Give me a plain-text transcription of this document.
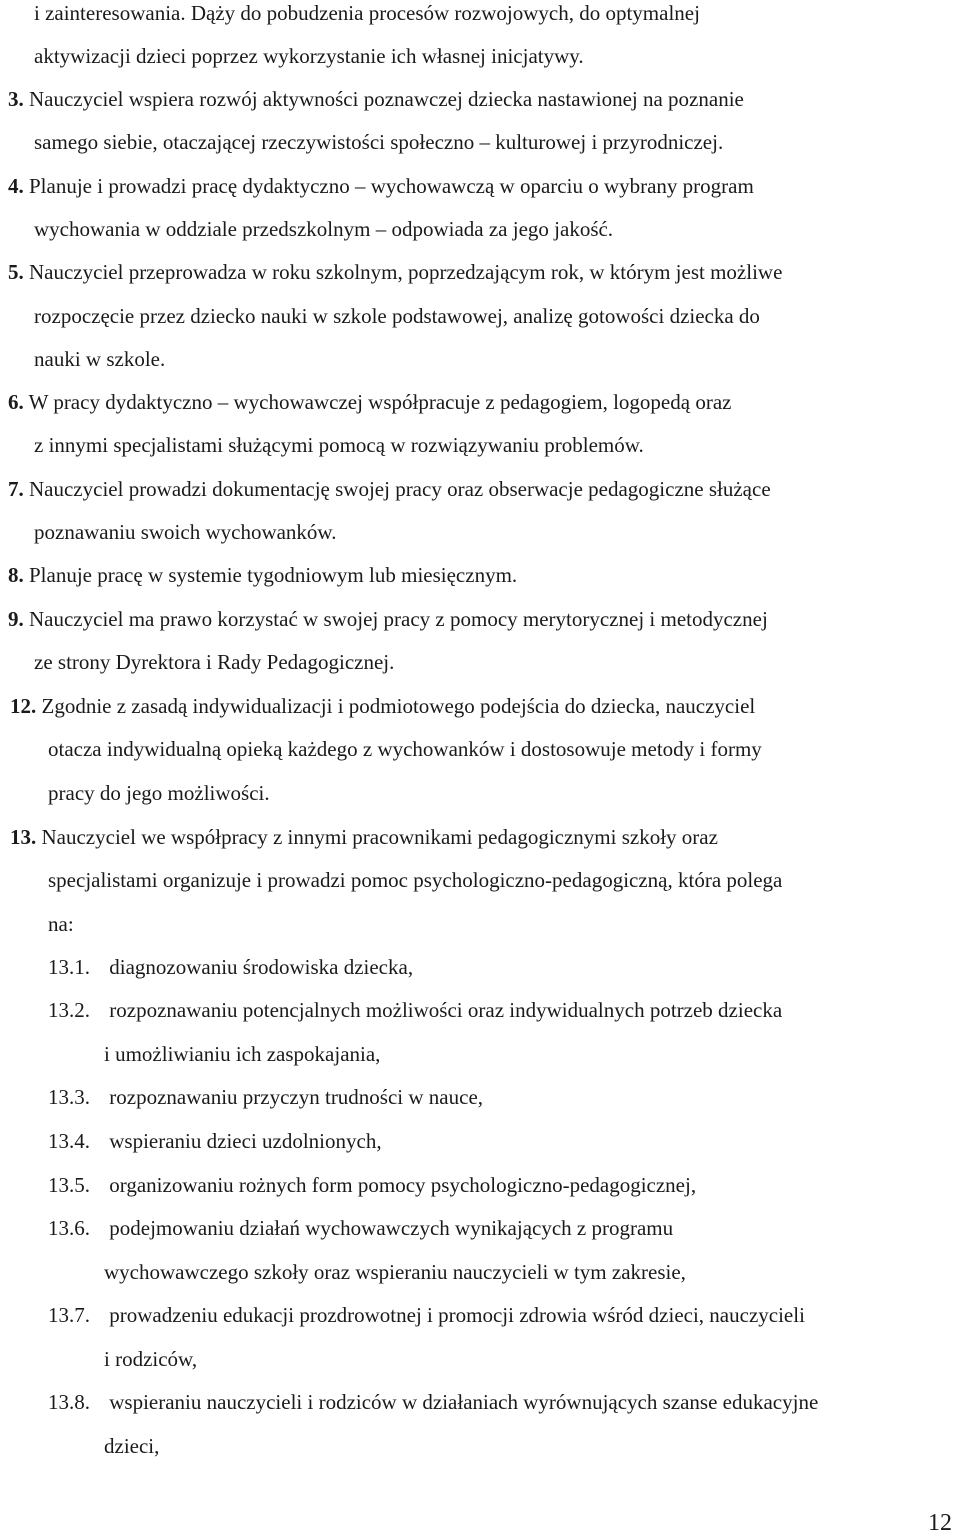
i zainteresowania. Dążу do pobudzenia procesów rozwojowych, do optymalnej
aktywizacji dzieci poprzez wykorzystanie ich własnej inicjatywy.
3. Nauczyciel wspiera rozwój aktywności poznawczej dziecka nastawionej na poznanie
samego siebie, otaczającej rzeczywistości społeczno – kulturowej i przyrodniczej.
4. Planuje i prowadzi pracę dydaktyczno – wychowawczą w oparciu o wybrany program
wychowania w oddziale przedszkolnym – odpowiada za jego jakość.
5. Nauczyciel przeprowadza w roku szkolnym, poprzedzającym rok, w którym jest możliwe
rozpoczęcie przez dziecko nauki w szkole podstawowej, analizę gotowości dziecka do
nauki w szkole.
6. W pracy dydaktyczno – wychowawczej współpracuje z pedagogiem, logopedą oraz
z innymi specjalistami służącymi pomocą w rozwiązywaniu problemów.
7. Nauczyciel prowadzi dokumentację swojej pracy oraz obserwacje pedagogiczne służące
poznawaniu swoich wychowanków.
8. Planuje pracę w systemie tygodniowym lub miesięcznym.
9. Nauczyciel ma prawo korzystać w swojej pracy z pomocy merytorycznej i metodycznej
ze strony Dyrektora i Rady Pedagogicznej.
12. Zgodnie z zasadą indywidualizacji i podmiotowego podejścia do dziecka, nauczyciel
otacza indywidualną opieką każdego z wychowanków i dostosowuje metody i formy
pracy do jego możliwości.
13. Nauczyciel we współpracy z innymi pracownikami pedagogicznymi szkoły oraz
specjalistami organizuje i prowadzi pomoc psychologiczno-pedagogiczną, która polega
na:
13.1. diagnozowaniu środowiska dziecka,
13.2. rozpoznawaniu potencjalnych możliwości oraz indywidualnych potrzeb dziecka
i umożliwianiu ich zaspokajania,
13.3. rozpoznawaniu przyczyn trudności w nauce,
13.4. wspieraniu dzieci uzdolnionych,
13.5. organizowaniu rożnych form pomocy psychologiczno-pedagogicznej,
13.6. podejmowaniu działań wychowawczych wynikających z programu
wychowawczego szkoły oraz wspieraniu nauczycieli w tym zakresie,
13.7. prowadzeniu edukacji prozdrowotnej i promocji zdrowia wśród dzieci, nauczycieli
i rodziców,
13.8. wspieraniu nauczycieli i rodziców w działaniach wyrównujących szanse edukacyjne
dzieci,
12
